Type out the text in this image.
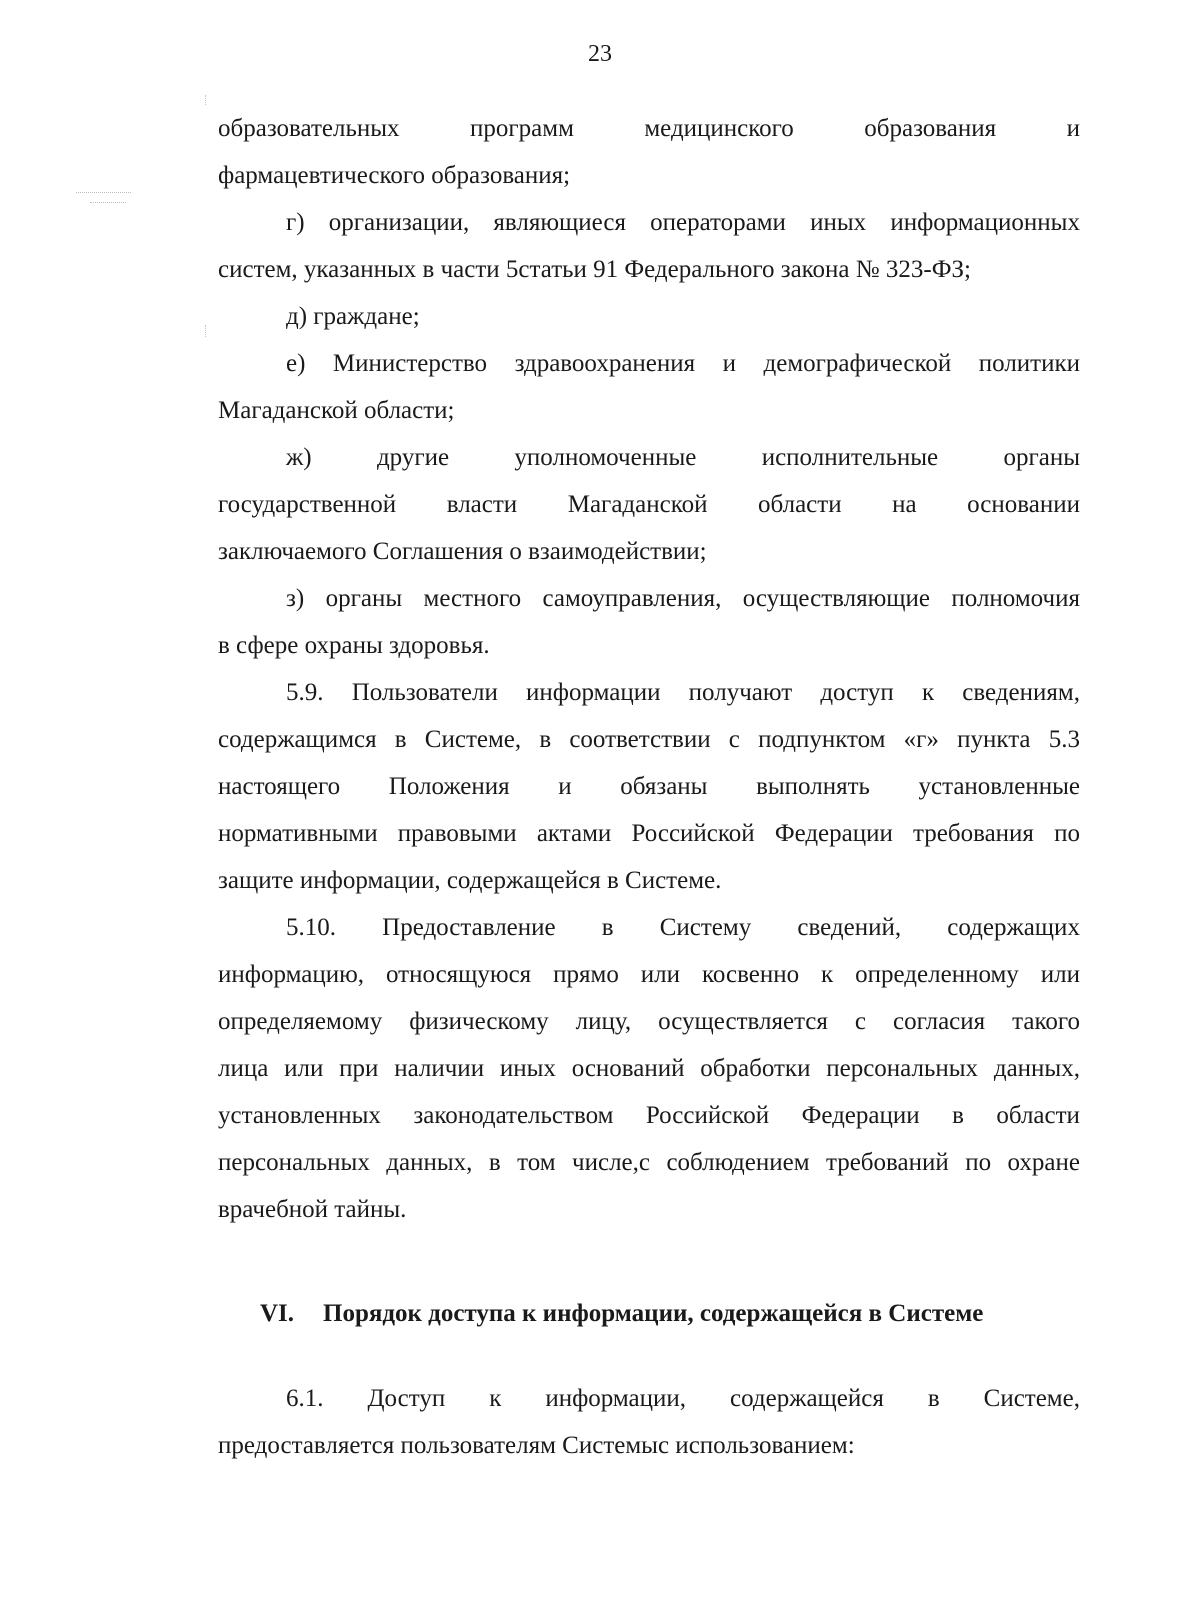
23
образовательных	программ	медицинского	образования	и
фармацевтического образования;
г) организации, являющиеся операторами иных информационных
систем, указанных в части 5статьи 91 Федерального закона № 323-ФЗ;
д) граждане;
е) Министерство здравоохранения и демографической политики
Магаданской области;
ж)	другие	уполномоченные	исполнительные	органы
государственной власти Магаданской области на основании
заключаемого Соглашения о взаимодействии;
з) органы местного самоуправления, осуществляющие полномочия
в сфере охраны здоровья.
5.9. Пользователи информации получают доступ к сведениям,
содержащимся в Системе, в соответствии с подпунктом «г» пункта 5.3
настоящего Положения и обязаны выполнять установленные
нормативными правовыми актами Российской Федерации требования по
защите информации, содержащейся в Системе.
5.10. Предоставление в Систему сведений, содержащих
информацию, относящуюся прямо или косвенно к определенному или
определяемому физическому лицу, осуществляется с согласия такого
лица или при наличии иных оснований обработки персональных данных,
установленных законодательством Российской Федерации в области
персональных данных, в том числе,с соблюдением требований по охране
врачебной тайны.
VI.	Порядок доступа к информации, содержащейся в Системе
6.1. Доступ к информации, содержащейся в Системе,
предоставляется пользователям Системыс использованием:
